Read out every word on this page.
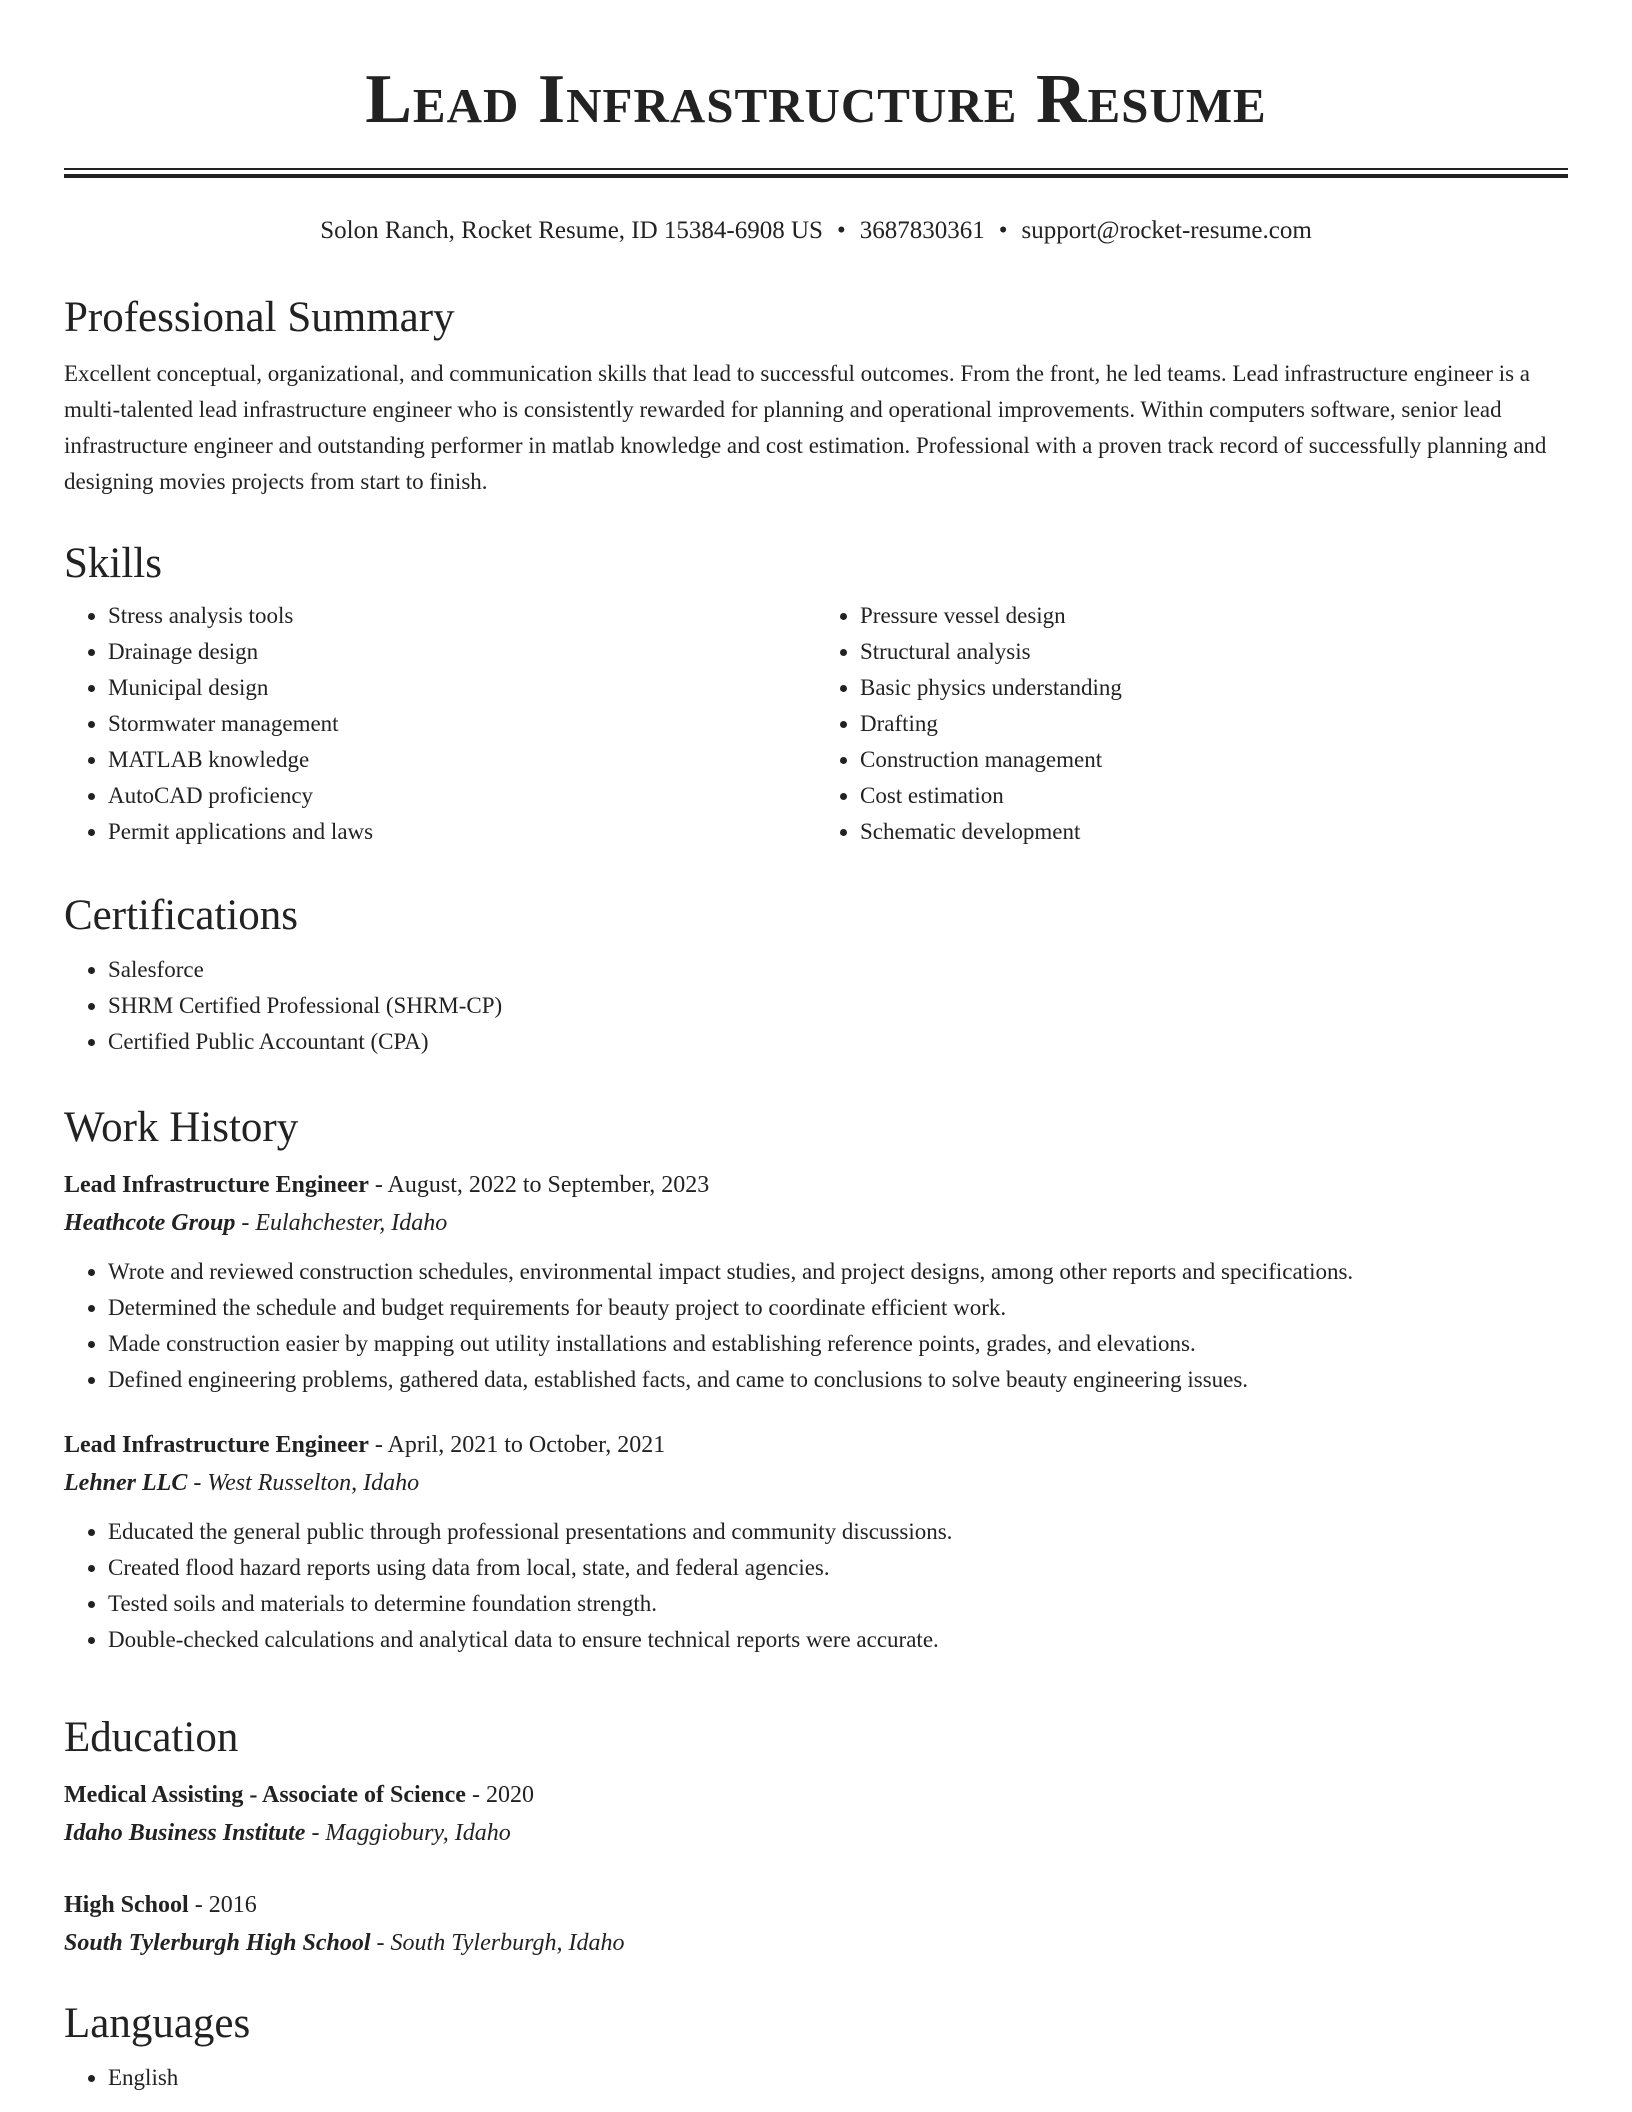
Lead Infrastructure Resume
Solon Ranch, Rocket Resume, ID 15384-6908 US • 3687830361 • support@rocket-resume.com
Professional Summary

Excellent conceptual, organizational, and communication skills that lead to successful outcomes. From the front, he led teams. Lead infrastructure engineer is a multi-talented lead infrastructure engineer who is consistently rewarded for planning and operational improvements. Within computers software, senior lead infrastructure engineer and outstanding performer in matlab knowledge and cost estimation. Professional with a proven track record of successfully planning and designing movies projects from start to finish.

Skills
• Stress analysis tools
• Drainage design
• Municipal design
• Stormwater management
• MATLAB knowledge
• AutoCAD proficiency
• Permit applications and laws
• Pressure vessel design
• Structural analysis
• Basic physics understanding
• Drafting
• Construction management
• Cost estimation
• Schematic development
Certifications
• Salesforce
• SHRM Certified Professional (SHRM-CP)
• Certified Public Accountant (CPA)
Work History
Lead Infrastructure Engineer - August, 2022 to September, 2023
Heathcote Group - Eulahchester, Idaho
• Wrote and reviewed construction schedules, environmental impact studies, and project designs, among other reports and specifications.
• Determined the schedule and budget requirements for beauty project to coordinate efficient work.
• Made construction easier by mapping out utility installations and establishing reference points, grades, and elevations.
• Defined engineering problems, gathered data, established facts, and came to conclusions to solve beauty engineering issues.
Lead Infrastructure Engineer - April, 2021 to October, 2021
Lehner LLC - West Russelton, Idaho
• Educated the general public through professional presentations and community discussions.
• Created flood hazard reports using data from local, state, and federal agencies.
• Tested soils and materials to determine foundation strength.
• Double-checked calculations and analytical data to ensure technical reports were accurate.
Education
Medical Assisting - Associate of Science - 2020
Idaho Business Institute - Maggiobury, Idaho
High School - 2016
South Tylerburgh High School - South Tylerburgh, Idaho
Languages
• English
